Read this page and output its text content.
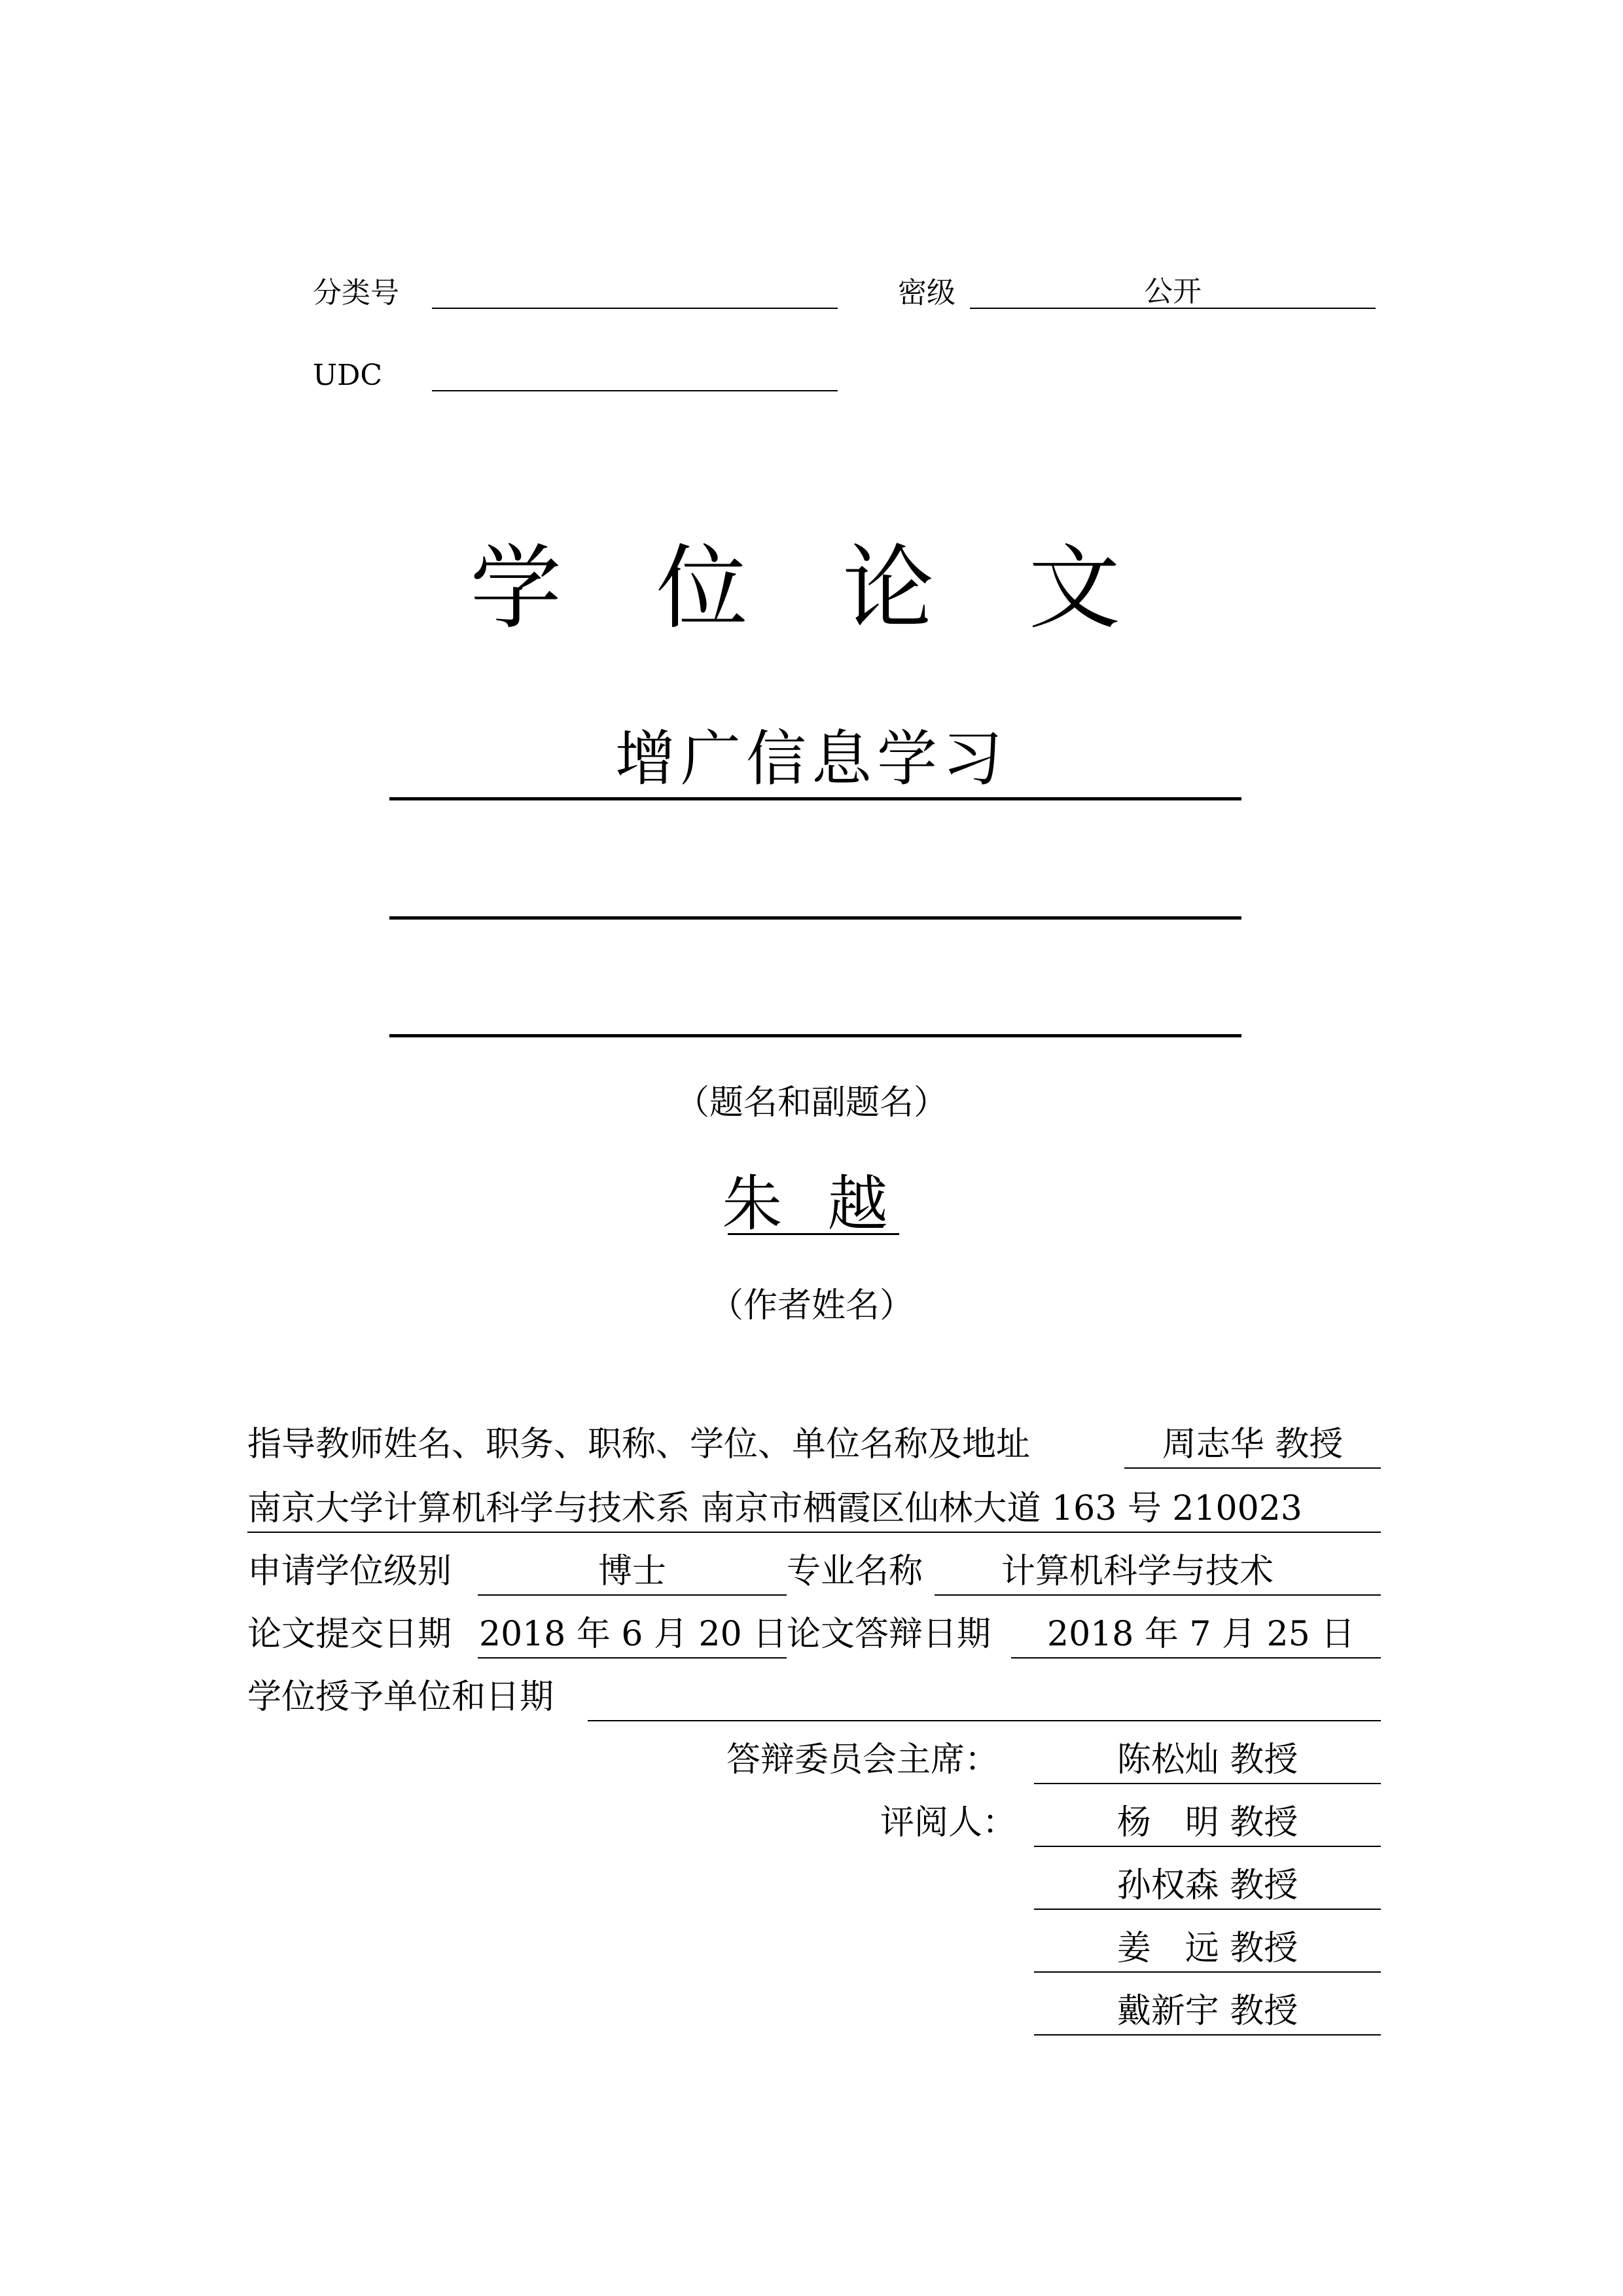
分类号	密级	公开
UDC
学 位 论 文
增广信息学习
（题名和副题名）
朱 越
（作者姓名）
指导教师姓名、职务、职称、学位、单位名称及地址	周志华 教授
南京大学计算机科学与技术系 南京市栖霞区仙林大道 163 号 210023
申请学位级别	博士	专业名称	计算机科学与技术
论文提交日期 2018 年 6 月 20 日 论文答辩日期 2018 年 7 月 25 日
学位授予单位和日期
答辩委员会主席：	陈松灿 教授
评阅人：	杨　明 教授
孙权森 教授
姜　远 教授
戴新宇 教授
